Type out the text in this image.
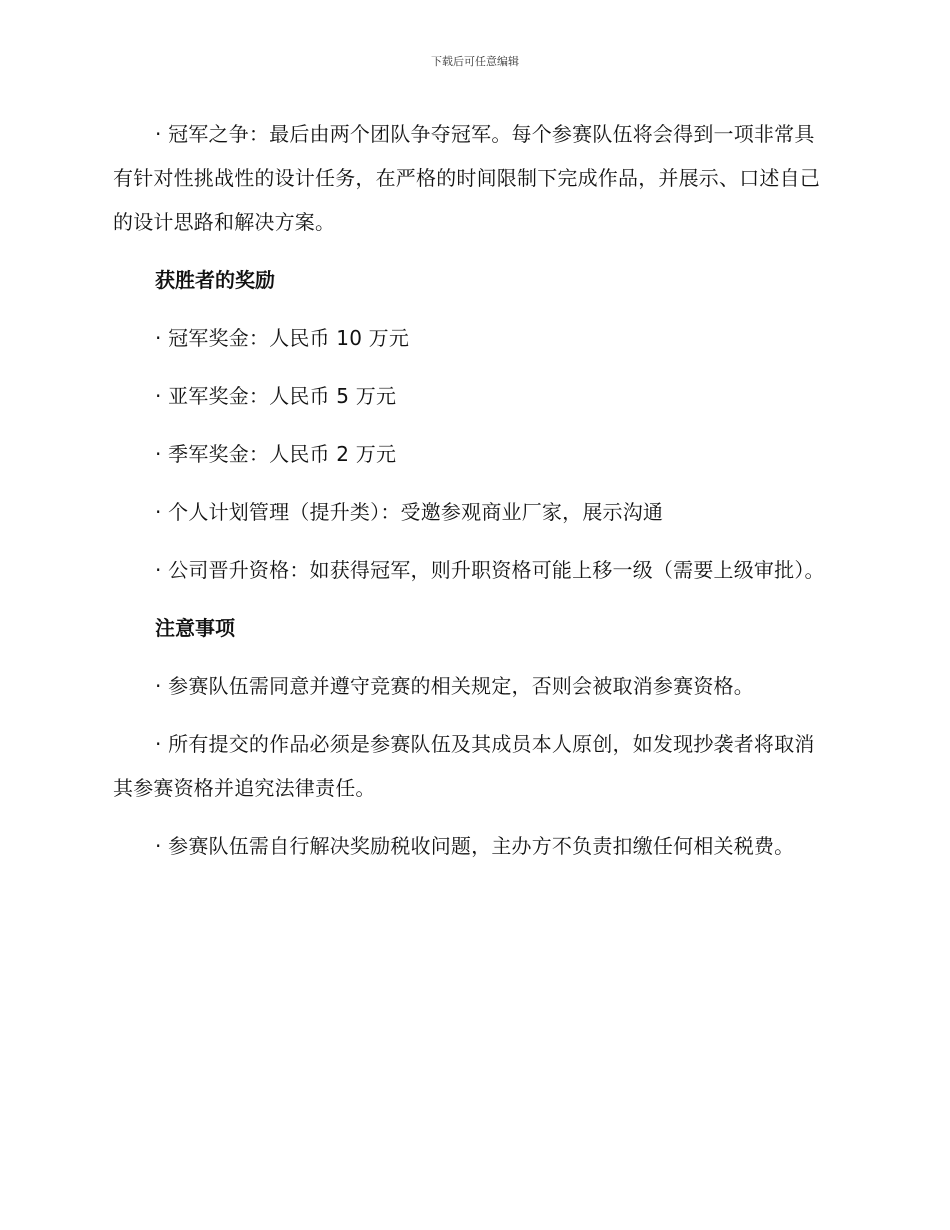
下载后可任意编辑

· 冠军之争：最后由两个团队争夺冠军。每个参赛队伍将会得到一项非常具有针对性挑战性的设计任务，在严格的时间限制下完成作品，并展示、口述自己的设计思路和解决方案。

获胜者的奖励

· 冠军奖金：人民币 10 万元

· 亚军奖金：人民币 5 万元

· 季军奖金：人民币 2 万元

· 个人计划管理（提升类）：受邀参观商业厂家，展示沟通

· 公司晋升资格：如获得冠军，则升职资格可能上移一级（需要上级审批）。

注意事项

· 参赛队伍需同意并遵守竞赛的相关规定，否则会被取消参赛资格。

· 所有提交的作品必须是参赛队伍及其成员本人原创，如发现抄袭者将取消其参赛资格并追究法律责任。

· 参赛队伍需自行解决奖励税收问题，主办方不负责扣缴任何相关税费。
